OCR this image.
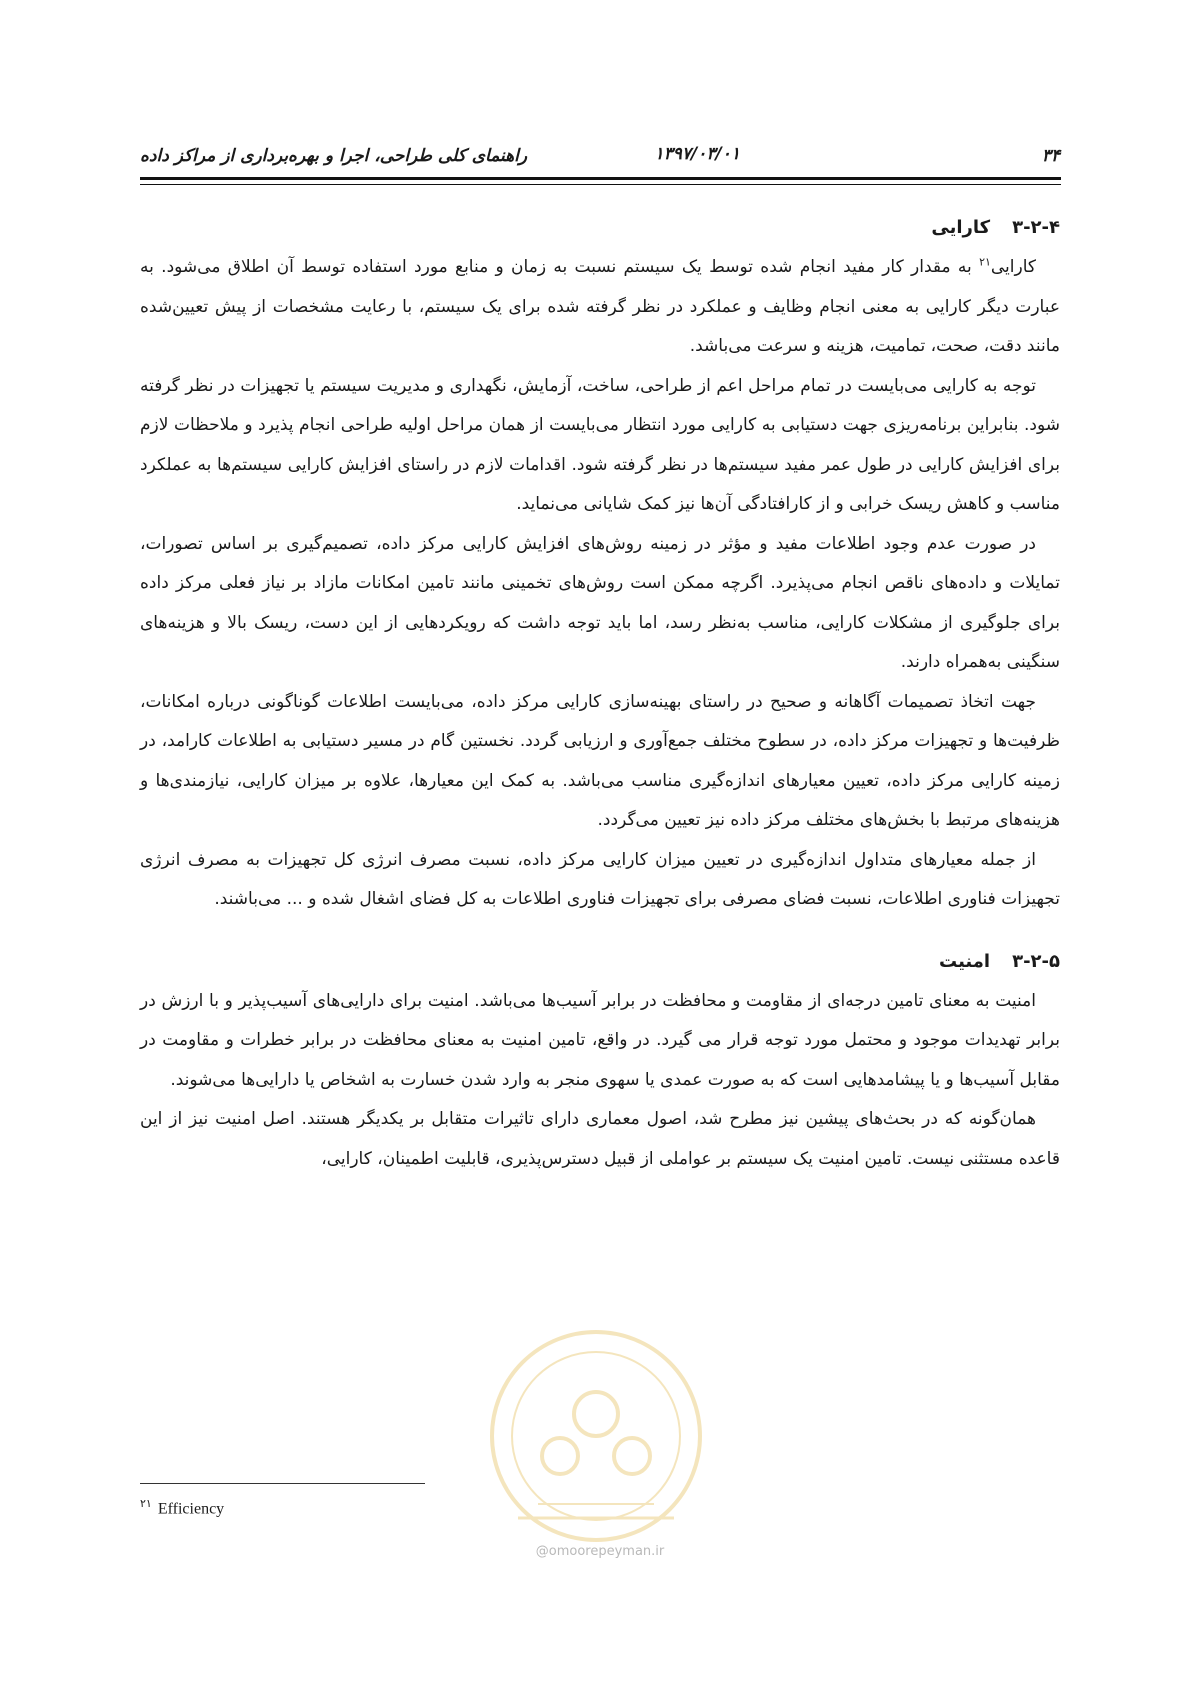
۳۴
۱۳۹۷/۰۳/۰۱
راهنمای کلی طراحی، اجرا و بهره‌برداری از مراکز داده
۳-۲-۴کارایی

کارایی$^{۲۱}$ به مقدار کار مفید انجام شده توسط یک سیستم نسبت به زمان و منابع مورد استفاده توسط آن اطلاق می‌شود. به عبارت دیگر کارایی به معنی انجام وظایف و عملکرد در نظر گرفته شده برای یک سیستم، با رعایت مشخصات از پیش تعیین‌شده مانند دقت، صحت، تمامیت، هزینه و سرعت می‌باشد.

توجه به کارایی می‌بایست در تمام مراحل اعم از طراحی، ساخت، آزمایش، نگهداری و مدیریت سیستم یا تجهیزات در نظر گرفته شود. بنابراین برنامه‌ریزی جهت دستیابی به کارایی مورد انتظار می‌بایست از همان مراحل اولیه طراحی انجام پذیرد و ملاحظات لازم برای افزایش کارایی در طول عمر مفید سیستم‌ها در نظر گرفته شود. اقدامات لازم در راستای افزایش کارایی سیستم‌ها به عملکرد مناسب و کاهش ریسک خرابی و از کارافتادگی آن‌ها نیز کمک شایانی می‌نماید.

در صورت عدم وجود اطلاعات مفید و مؤثر در زمینه روش‌های افزایش کارایی مرکز داده، تصمیم‌گیری بر اساس تصورات، تمایلات و داده‌های ناقص انجام می‌پذیرد. اگرچه ممکن است روش‌های تخمینی مانند تامین امکانات مازاد بر نیاز فعلی مرکز داده برای جلوگیری از مشکلات کارایی، مناسب به‌نظر رسد، اما باید توجه داشت که رویکردهایی از این دست، ریسک بالا و هزینه‌های سنگینی به‌همراه دارند.

جهت اتخاذ تصمیمات آگاهانه و صحیح در راستای بهینه‌سازی کارایی مرکز داده، می‌بایست اطلاعات گوناگونی درباره امکانات، ظرفیت‌ها و تجهیزات مرکز داده، در سطوح مختلف جمع‌آوری و ارزیابی گردد. نخستین گام در مسیر دستیابی به اطلاعات کارامد، در زمینه کارایی مرکز داده، تعیین معیارهای اندازه‌گیری مناسب می‌باشد. به کمک این معیارها، علاوه بر میزان کارایی، نیازمندی‌ها و هزینه‌های مرتبط با بخش‌های مختلف مرکز داده نیز تعیین می‌گردد.

از جمله معیارهای متداول اندازه‌گیری در تعیین میزان کارایی مرکز داده، نسبت مصرف انرژی کل تجهیزات به مصرف انرژی تجهیزات فناوری اطلاعات، نسبت فضای مصرفی برای تجهیزات فناوری اطلاعات به کل فضای اشغال شده و ... می‌باشند.

۳-۲-۵امنیت

امنیت به معنای تامین درجه‌ای از مقاومت و محافظت در برابر آسیب‌ها می‌باشد. امنیت برای دارایی‌های آسیب‌پذیر و با ارزش در برابر تهدیدات موجود و محتمل مورد توجه قرار می گیرد. در واقع، تامین امنیت به معنای محافظت در برابر خطرات و مقاومت در مقابل آسیب‌ها و یا پیشامدهایی است که به صورت عمدی یا سهوی منجر به وارد شدن خسارت به اشخاص یا دارایی‌ها می‌شوند.

همان‌گونه که در بحث‌های پیشین نیز مطرح شد، اصول معماری دارای تاثیرات متقابل بر یکدیگر هستند. اصل امنیت نیز از این قاعده مستثنی نیست. تامین امنیت یک سیستم بر عواملی از قبیل دسترس‌پذیری، قابلیت اطمینان، کارایی،

@omoorepeyman.ir
$^{۲۱}$ Efficiency
